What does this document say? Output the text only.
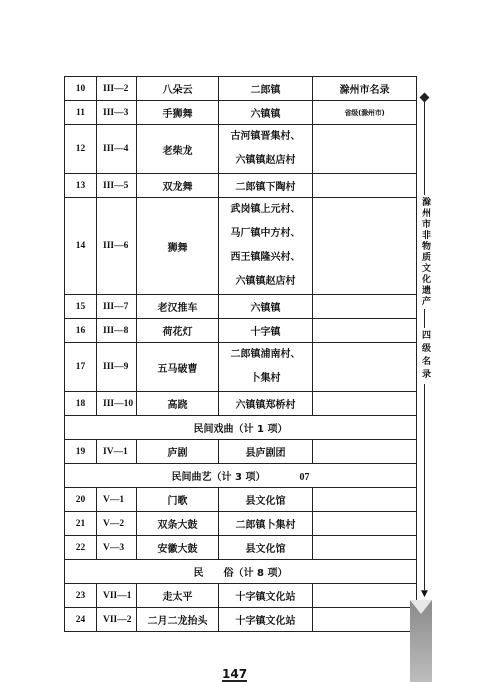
10	III—2	八朵云	二郎镇	滁州市名录
11	III—3	手狮舞	六镇镇	省级(滁州市)
12	III—4	老柴龙	古河镇晋集村、
六镇镇赵店村	

13	III—5	双龙舞	二郎镇下陶村	
14	III—6	狮舞	武岗镇上元村、
马厂镇中方村、
西王镇隆兴村、
六镇镇赵店村	

15	III—7	老汉推车	六镇镇	
16	III—8	荷花灯	十字镇	
17	III—9	五马破曹	二郎镇浦南村、
卜集村	

18	III—10	高跷	六镇镇郑桥村	
民间戏曲（计 1 项）				
19	IV—1	庐剧	县庐剧团	
民间曲艺（计 3 项） 07				
20	V—1	门歌	县文化馆	
21	V—2	双条大鼓	二郎镇卜集村	
22	V—3	安徽大鼓	县文化馆	
民　　俗（计 8 项）				
23	VII—1	走太平	十字镇文化站	
24	VII—2	二月二龙抬头	十字镇文化站	
▼
滁州市非物质文化遗产
四级名录
147
